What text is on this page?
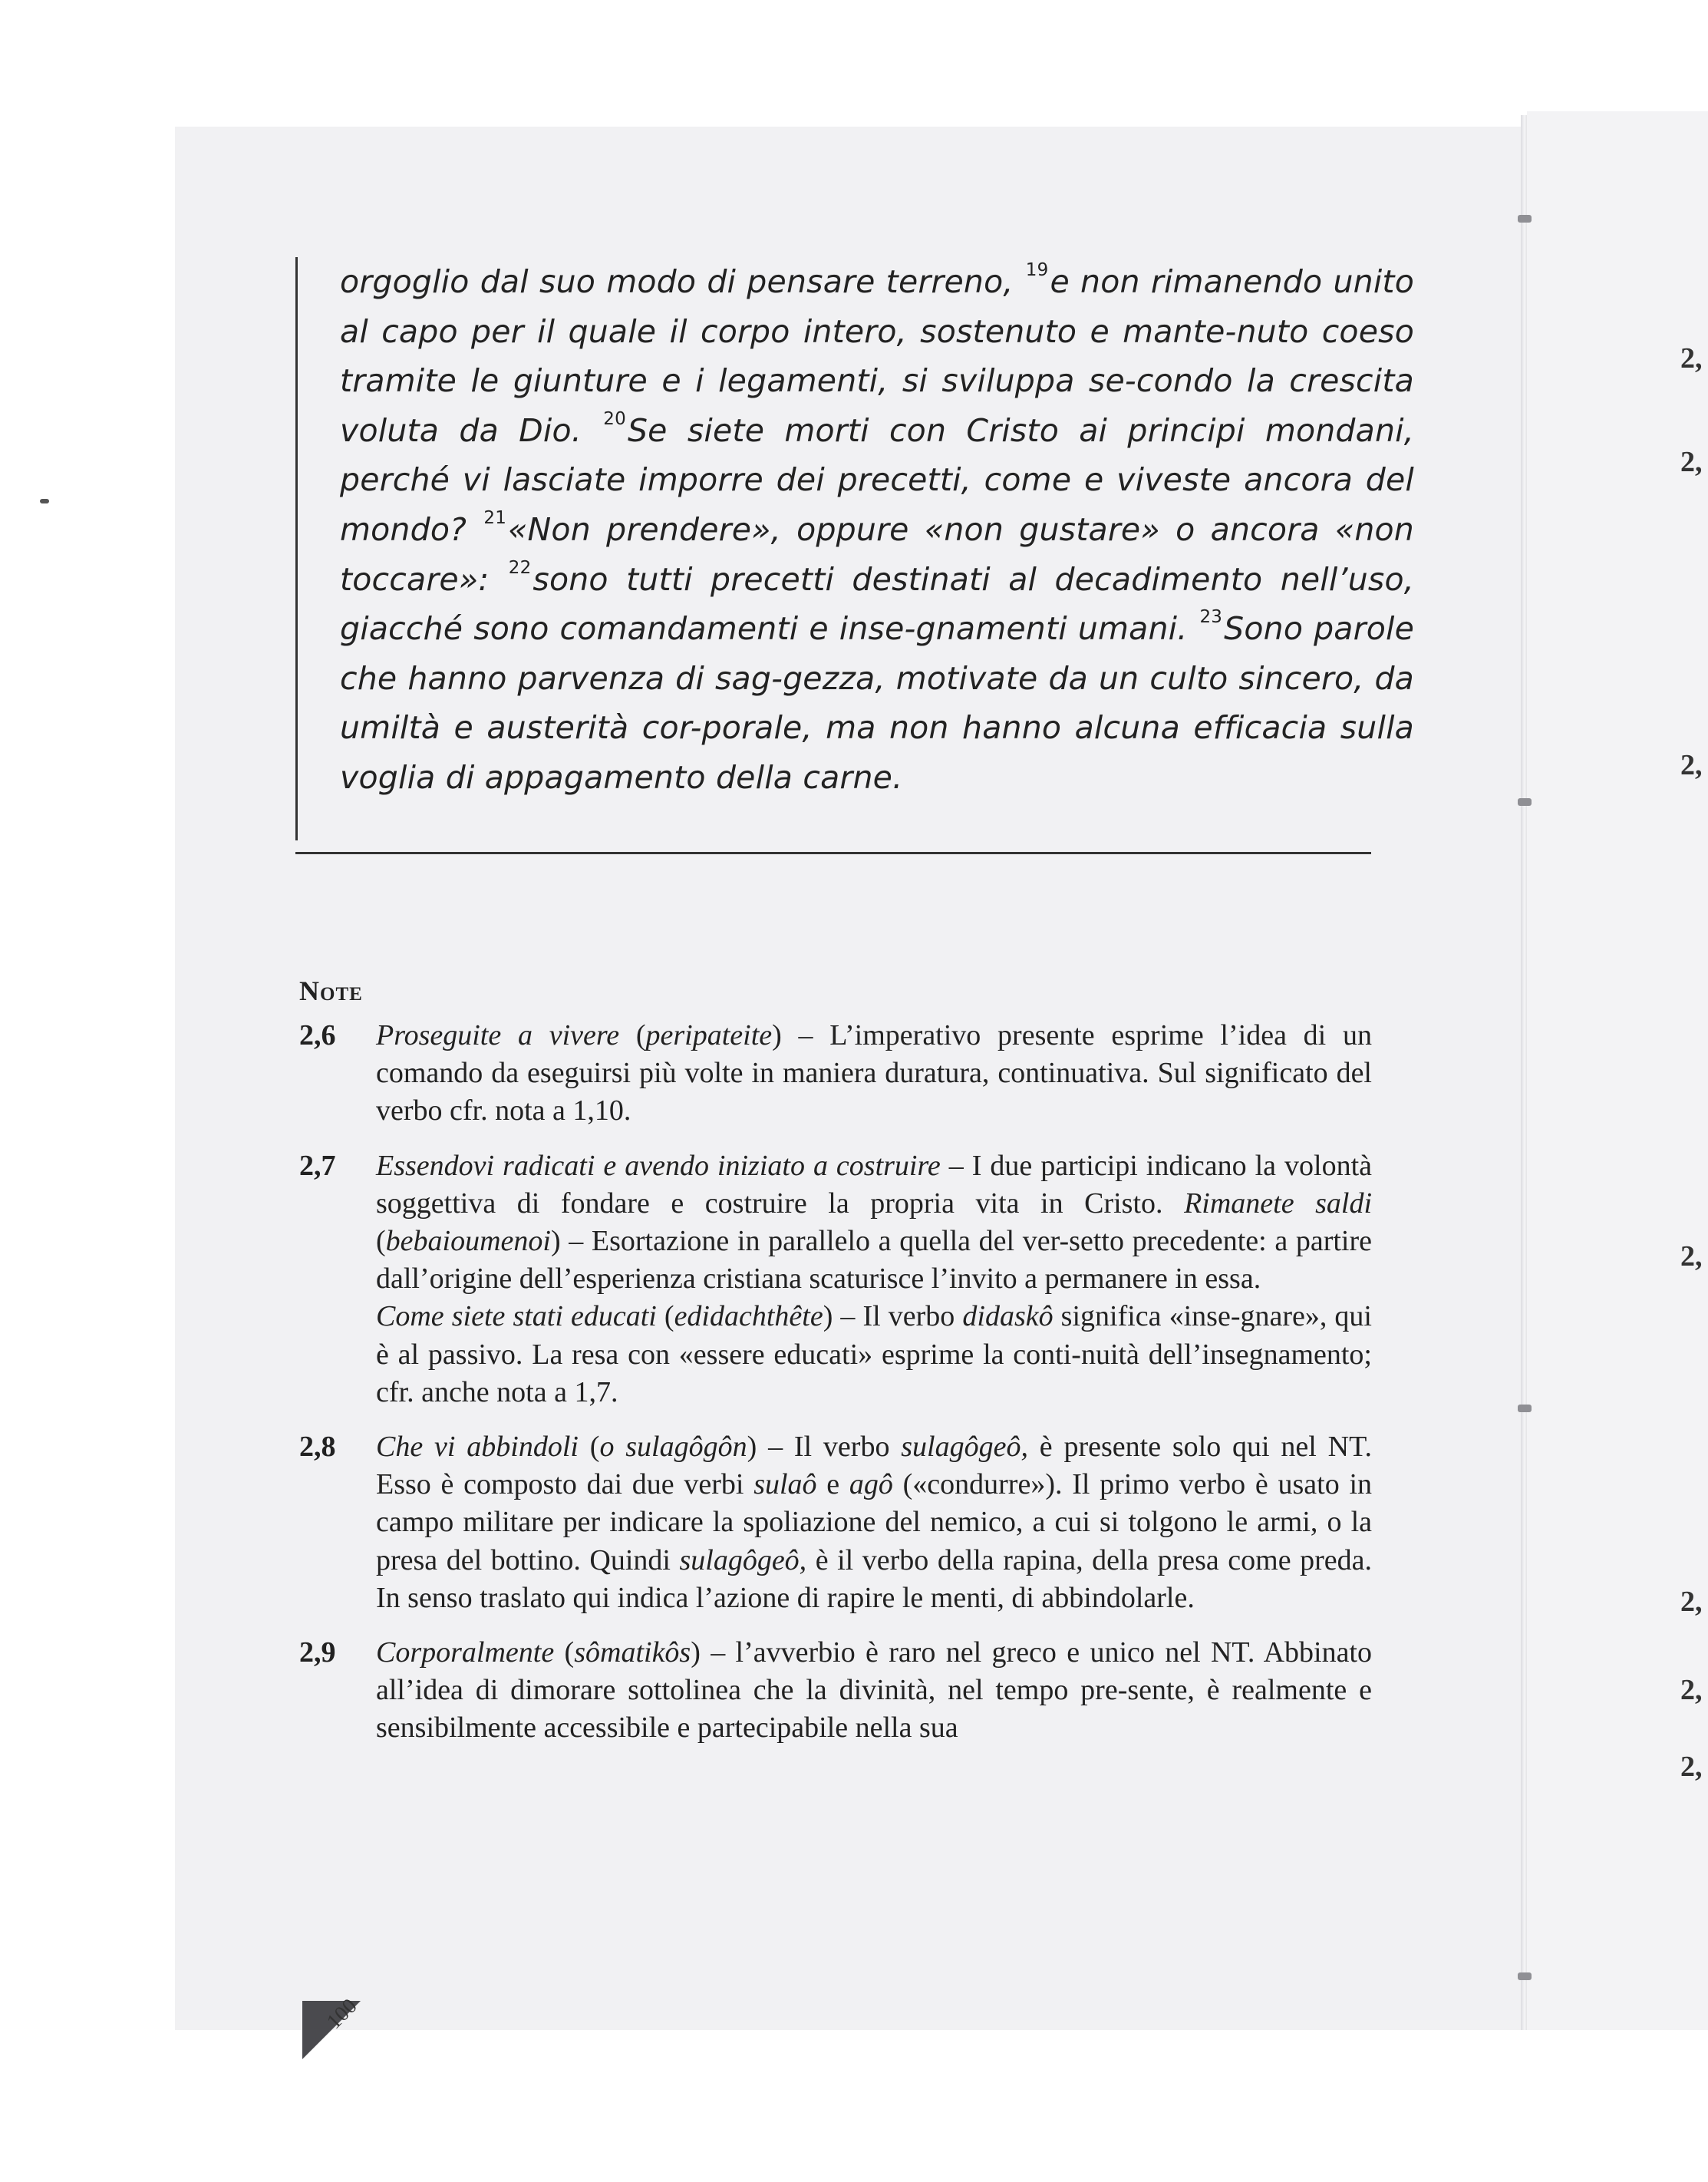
2,
2,
2,
2,
2,
2,
2,

orgoglio dal suo modo di pensare terreno, $^{19}$e non rimanendo unito al capo per il quale il corpo intero, sostenuto e mante-nuto coeso tramite le giunture e i legamenti, si sviluppa se-condo la crescita voluta da Dio. $^{20}$Se siete morti con Cristo ai principi mondani, perché vi lasciate imporre dei precetti, come e viveste ancora del mondo? $^{21}$«Non prendere», oppure «non gustare» o ancora «non toccare»: $^{22}$sono tutti precetti destinati al decadimento nell’uso, giacché sono comandamenti e inse-gnamenti umani. $^{23}$Sono parole che hanno parvenza di sag-gezza, motivate da un culto sincero, da umiltà e austerità cor-porale, ma non hanno alcuna efficacia sulla voglia di appagamento della carne.

Note
2,6 Proseguite a vivere (peripateite) – L’imperativo presente esprime l’idea di un comando da eseguirsi più volte in maniera duratura, continuativa. Sul significato del verbo cfr. nota a 1,10.

2,7 Essendovi radicati e avendo iniziato a costruire – I due participi indicano la volontà soggettiva di fondare e costruire la propria vita in Cristo. Rimanete saldi (bebaioumenoi) – Esortazione in parallelo a quella del ver-setto precedente: a partire dall’origine dell’esperienza cristiana scaturisce l’invito a permanere in essa.

Come siete stati educati (edidachthête) – Il verbo didaskô significa «inse-gnare», qui è al passivo. La resa con «essere educati» esprime la conti-nuità dell’insegnamento; cfr. anche nota a 1,7.

2,8 Che vi abbindoli (o sulagôgôn) – Il verbo sulagôgeô, è presente solo qui nel NT. Esso è composto dai due verbi sulaô e agô («condurre»). Il primo verbo è usato in campo militare per indicare la spoliazione del nemico, a cui si tolgono le armi, o la presa del bottino. Quindi sulagôgeô, è il verbo della rapina, della presa come preda. In senso traslato qui indica l’azione di rapire le menti, di abbindolarle.

2,9 Corporalmente (sômatikôs) – l’avverbio è raro nel greco e unico nel NT. Abbinato all’idea di dimorare sottolinea che la divinità, nel tempo pre-sente, è realmente e sensibilmente accessibile e partecipabile nella sua

100
